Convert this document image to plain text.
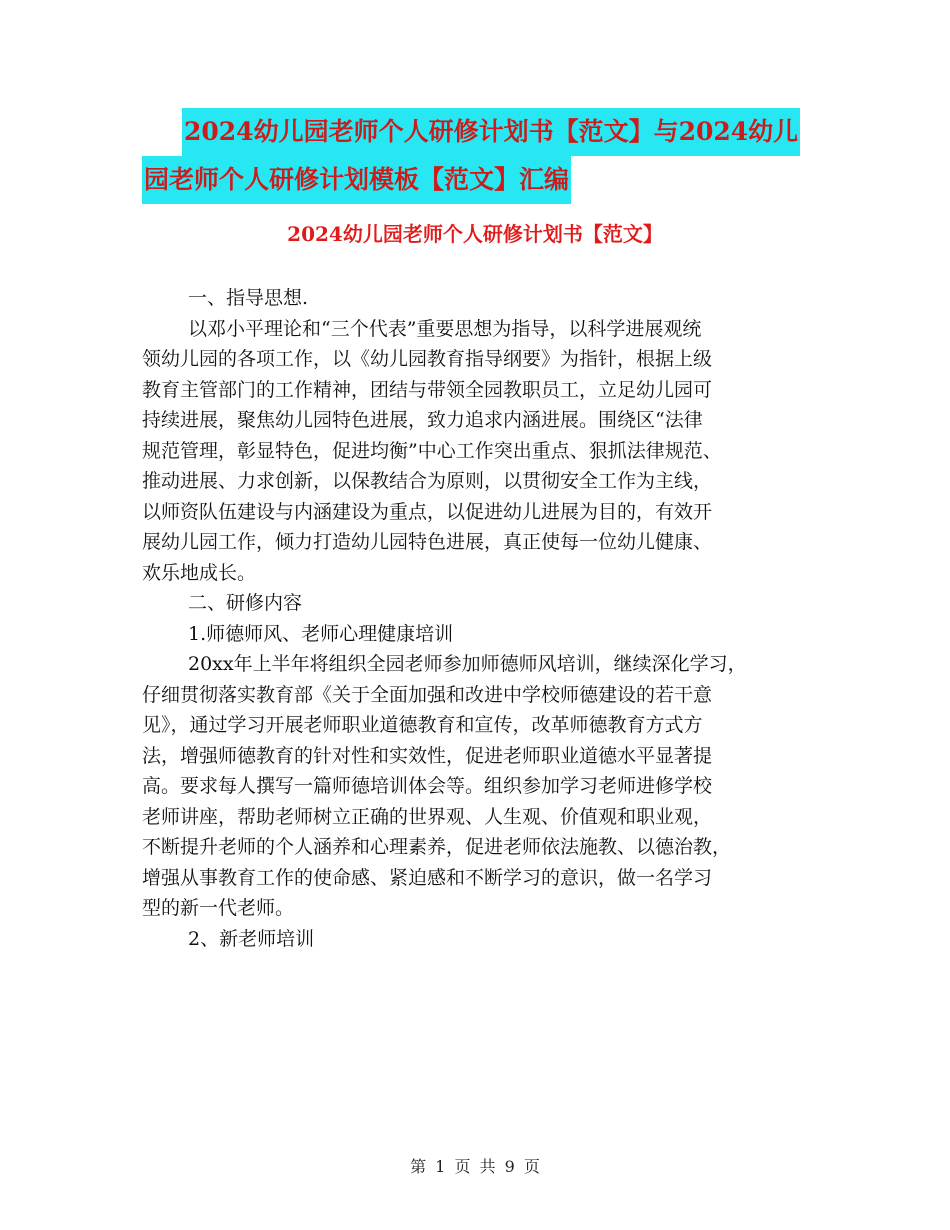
2024幼儿园老师个人研修计划书【范文】与2024幼儿
园老师个人研修计划模板【范文】汇编
2024幼儿园老师个人研修计划书【范文】

一、指导思想.

以邓小平理论和“三个代表”重要思想为指导，以科学进展观统

领幼儿园的各项工作，以《幼儿园教育指导纲要》为指针，根据上级

教育主管部门的工作精神，团结与带领全园教职员工，立足幼儿园可

持续进展，聚焦幼儿园特色进展，致力追求内涵进展。围绕区“法律

规范管理，彰显特色，促进均衡”中心工作突出重点、狠抓法律规范、

推动进展、力求创新，以保教结合为原则，以贯彻安全工作为主线，

以师资队伍建设与内涵建设为重点，以促进幼儿进展为目的，有效开

展幼儿园工作，倾力打造幼儿园特色进展，真正使每一位幼儿健康、

欢乐地成长。

二、研修内容

1.师德师风、老师心理健康培训

20xx年上半年将组织全园老师参加师德师风培训，继续深化学习，

仔细贯彻落实教育部《关于全面加强和改进中学校师德建设的若干意

见》，通过学习开展老师职业道德教育和宣传，改革师德教育方式方

法，增强师德教育的针对性和实效性，促进老师职业道德水平显著提

高。要求每人撰写一篇师德培训体会等。组织参加学习老师进修学校

老师讲座，帮助老师树立正确的世界观、人生观、价值观和职业观，

不断提升老师的个人涵养和心理素养，促进老师依法施教、以德治教，

增强从事教育工作的使命感、紧迫感和不断学习的意识，做一名学习

型的新一代老师。

2、新老师培训

第 1 页 共 9 页
